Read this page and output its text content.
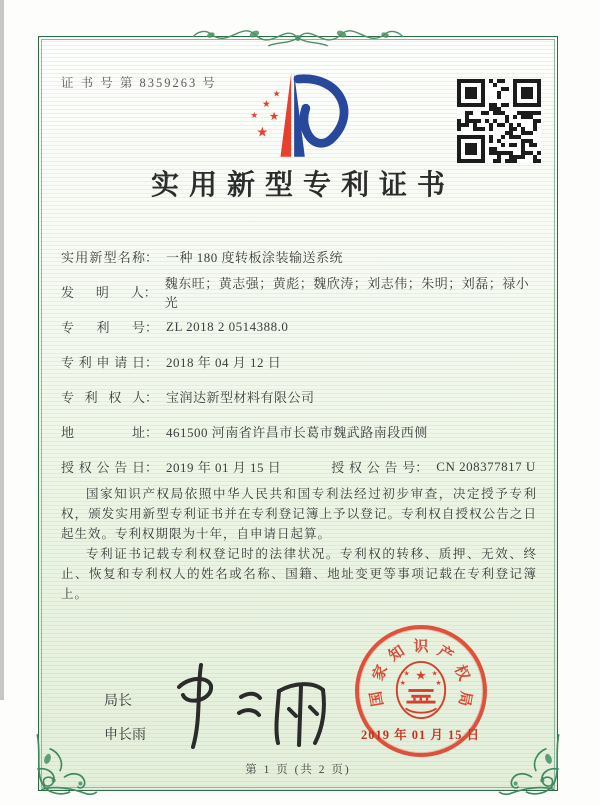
证 书 号 第 8359263 号
★
★
★ ★
★
实用新型专利证书
实用新型名称 ： 一种 180 度转板涂装输送系统
发明人 ：
魏东旺；黄志强；黄彪；魏欣涛；刘志伟；朱明；刘磊；禄小光
专利号 ： ZL 2018 2 0514388.0
专利申请日 ： 2018 年 04 月 12 日
专利权人 ： 宝润达新型材料有限公司
地址 ： 461500 河南省许昌市长葛市魏武路南段西侧
授权公告日 ： 2019 年 01 月 15 日	授权公告号 ： CN 208377817 U

国家知识产权局依照中华人民共和国专利法经过初步审查，决定授予专利权，颁发实用新型专利证书并在专利登记簿上予以登记。专利权自授权公告之日起生效。专利权期限为十年，自申请日起算。

专利证书记载专利权登记时的法律状况。专利权的转移、质押、无效、终止、恢复和专利权人的姓名或名称、国籍、地址变更等事项记载在专利登记簿上。

局长
申长雨
国
家
知 识 产
权
局
★
★	★
★	★
2019 年 01 月 15 日
第 1 页 (共 2 页)
